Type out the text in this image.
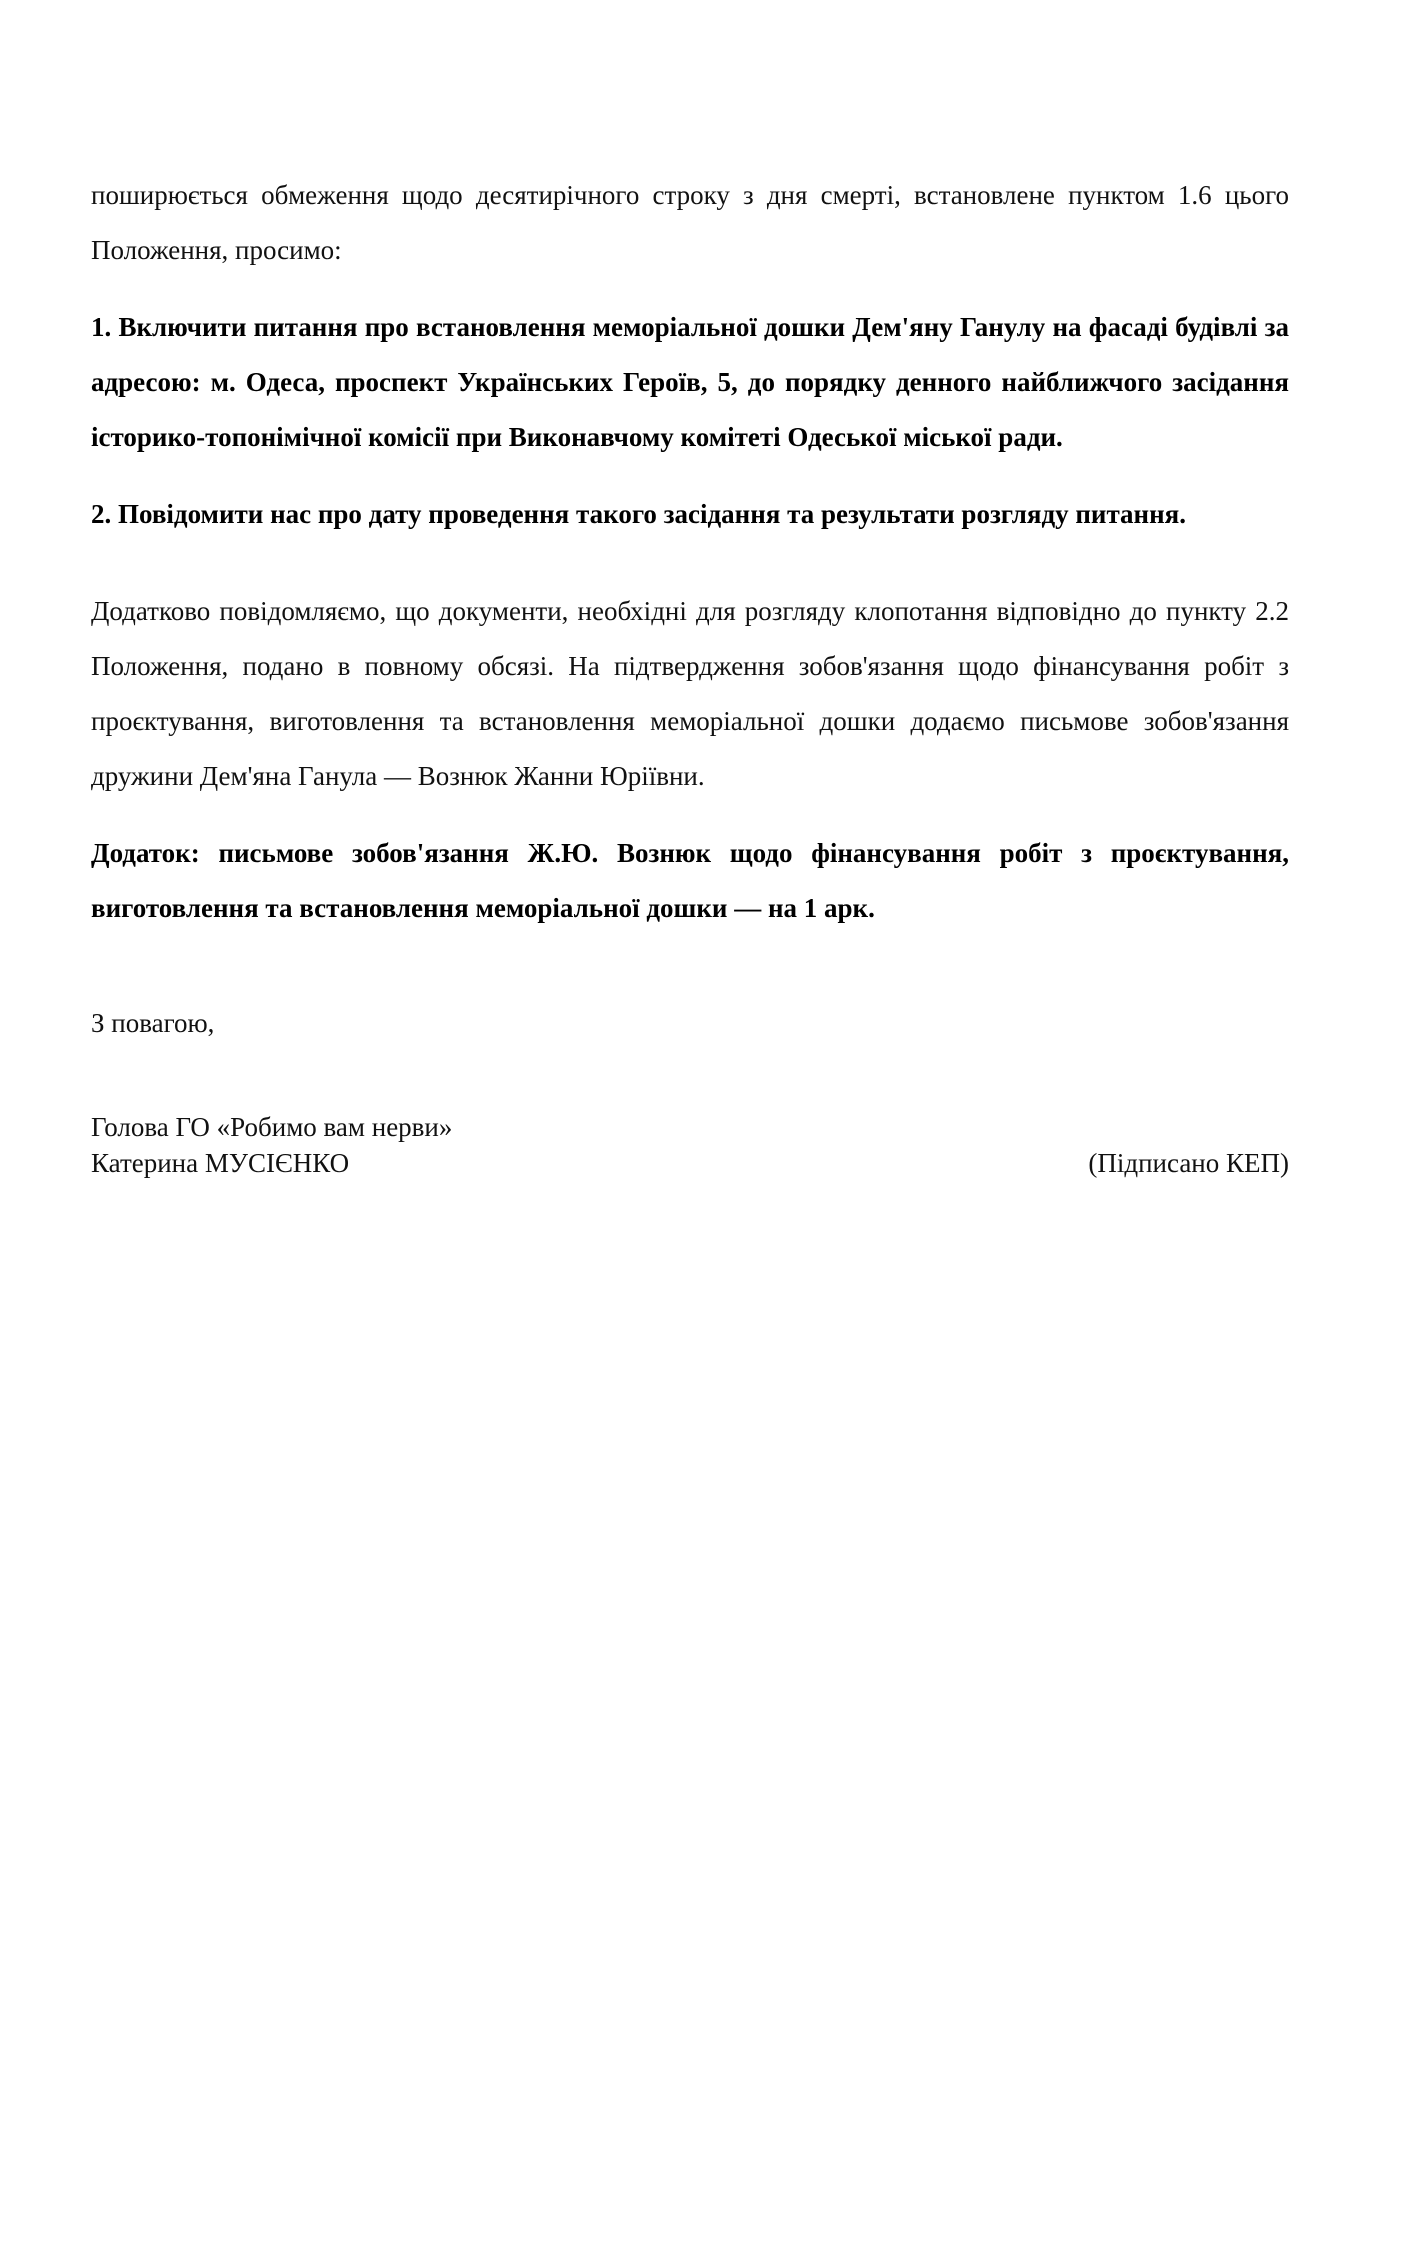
поширюється обмеження щодо десятирічного строку з дня смерті, встановлене пунктом 1.6 цього Положення, просимо:

1. Включити питання про встановлення меморіальної дошки Дем'яну Ганулу на фасаді будівлі за адресою: м. Одеса, проспект Українських Героїв, 5, до порядку денного найближчого засідання історико-топонімічної комісії при Виконавчому комітеті Одеської міської ради.

2. Повідомити нас про дату проведення такого засідання та результати розгляду питання.

Додатково повідомляємо, що документи, необхідні для розгляду клопотання відповідно до пункту 2.2 Положення, подано в повному обсязі. На підтвердження зобов'язання щодо фінансування робіт з проєктування, виготовлення та встановлення меморіальної дошки додаємо письмове зобов'язання дружини Дем'яна Ганула — Вознюк Жанни Юріївни.

Додаток: письмове зобов'язання Ж.Ю. Вознюк щодо фінансування робіт з проєктування, виготовлення та встановлення меморіальної дошки — на 1 арк.

З повагою,

Голова ГО «Робимо вам нерви»
Катерина МУСІЄНКО	(Підписано КЕП)
